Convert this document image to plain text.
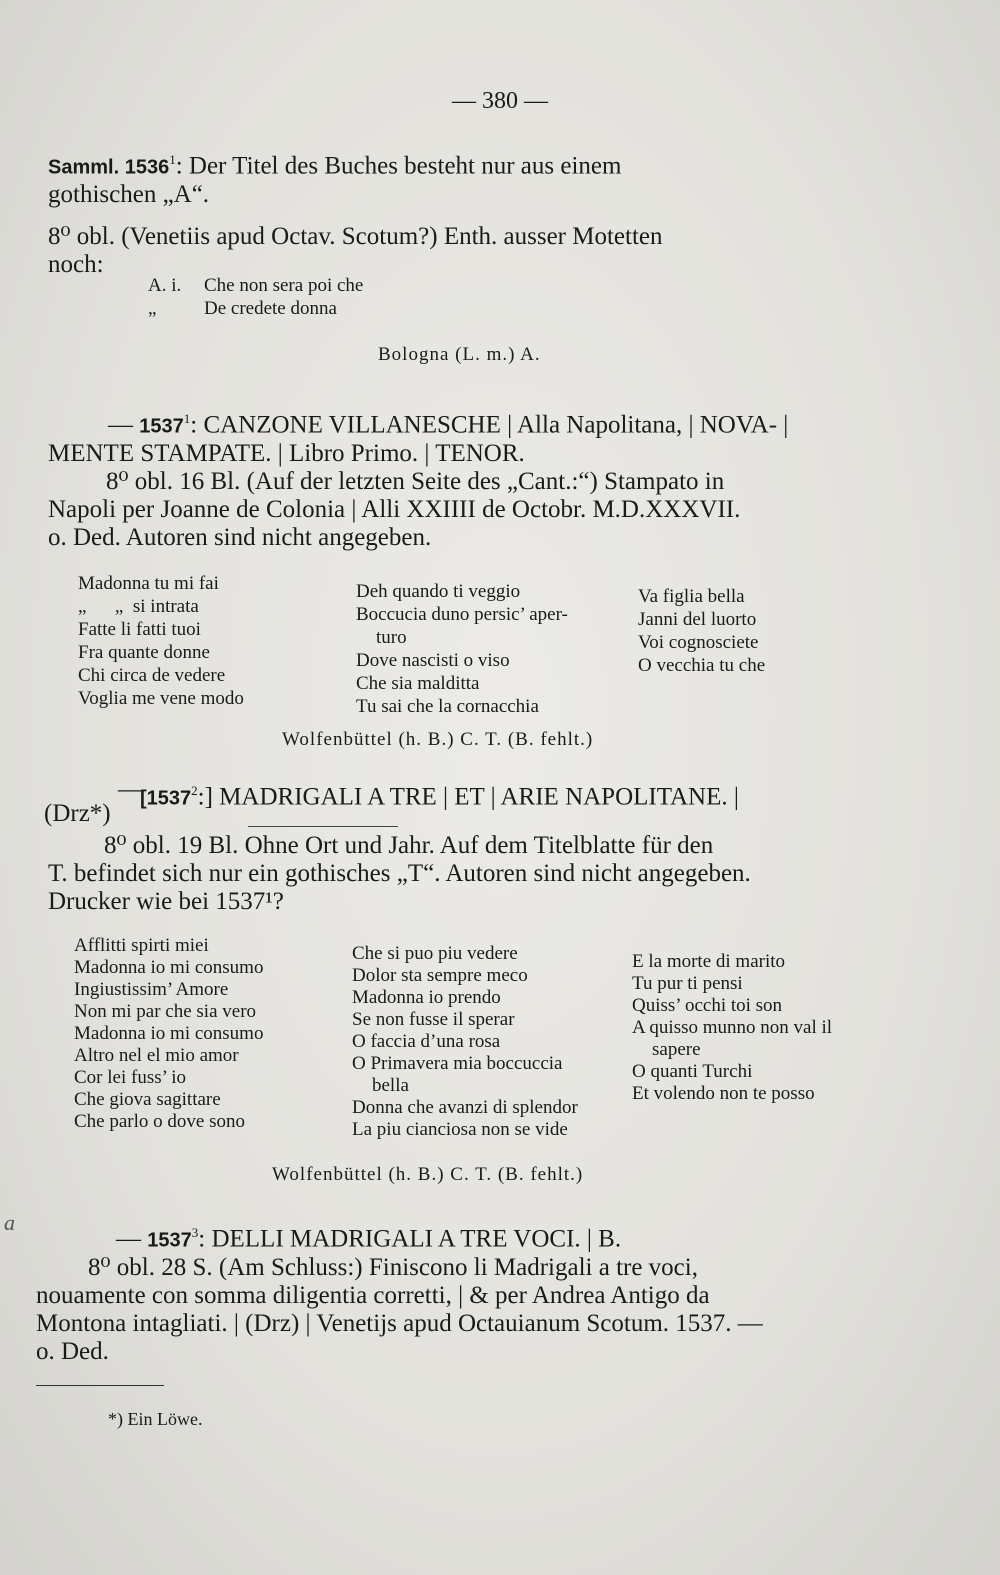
— 380 —
Samml. 1536$^1$: Der Titel des Buches besteht nur aus einem
gothischen „A“.
8⁰ obl. (Venetiis apud Octav. Scotum?) Enth. ausser Motetten
noch:
A. i. Che non sera poi che
„	De credete donna
Bologna (L. m.) A.
— 1537$^1$: CANZONE VILLANESCHE | Alla Napolitana, | NOVA- |
MENTE STAMPATE. | Libro Primo. | TENOR.
8⁰ obl. 16 Bl. (Auf der letzten Seite des „Cant.:“) Stampato in
Napoli per Joanne de Colonia | Alli XXIIII de Octobr. M.D.XXXVII.
o. Ded. Autoren sind nicht angegeben.
Madonna tu mi fai
„      „  si intrata
Fatte li fatti tuoi
Fra quante donne
Chi circa de vedere
Voglia me vene modo
Deh quando ti veggio
Boccucia duno persic’ aper-
turo
Dove nascisti o viso
Che sia malditta
Tu sai che la cornacchia
Va figlia bella
Janni del luorto
Voi cognosciete
O vecchia tu che
Wolfenbüttel (h. B.) C. T. (B. fehlt.)
—
(Drz*)
[1537$^2$:] MADRIGALI A TRE | ET | ARIE NAPOLITANE. |
8⁰ obl. 19 Bl. Ohne Ort und Jahr. Auf dem Titelblatte für den
T. befindet sich nur ein gothisches „T“. Autoren sind nicht angegeben.
Drucker wie bei 1537¹?
Afflitti spirti miei
Madonna io mi consumo
Ingiustissim’ Amore
Non mi par che sia vero
Madonna io mi consumo
Altro nel el mio amor
Cor lei fuss’ io
Che giova sagittare
Che parlo o dove sono
Che si puo piu vedere
Dolor sta sempre meco
Madonna io prendo
Se non fusse il sperar
O faccia d’una rosa
O Primavera mia boccuccia
bella
Donna che avanzi di splendor
La piu cianciosa non se vide
E la morte di marito
Tu pur ti pensi
Quiss’ occhi toi son
A quisso munno non val il
sapere
O quanti Turchi
Et volendo non te posso
Wolfenbüttel (h. B.) C. T. (B. fehlt.)
a
— 1537$^3$: DELLI MADRIGALI A TRE VOCI. | B.
8⁰ obl. 28 S. (Am Schluss:) Finiscono li Madrigali a tre voci,
nouamente con somma diligentia corretti, | & per Andrea Antigo da
Montona intagliati. | (Drz) | Venetijs apud Octauianum Scotum. 1537. —
o. Ded.
*) Ein Löwe.
